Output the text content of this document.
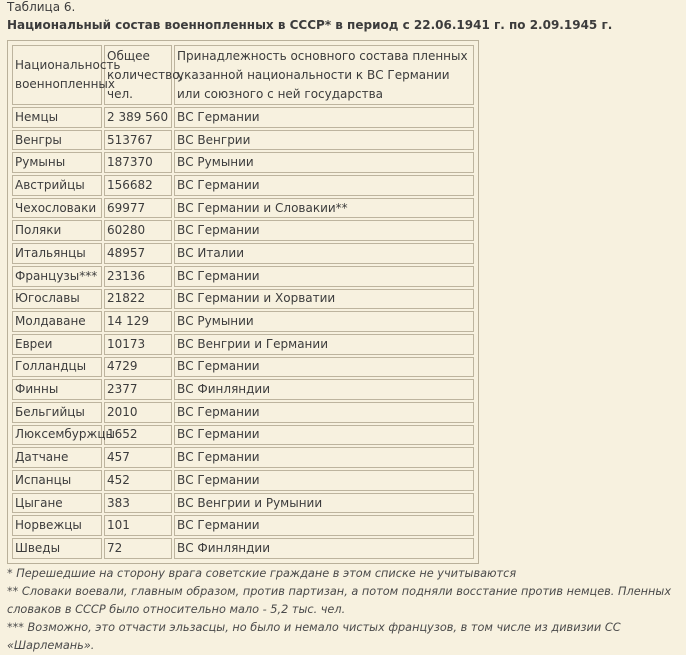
Таблица 6.
Национальный состав военнопленных в СССР* в период с 22.06.1941 г. по 2.09.1945 г.
Национальность военнопленных	Общее количество, чел.	Принадлежность основного состава пленных указанной национальности к ВС Германии или союзного с ней государства
Немцы	2 389 560	ВС Германии
Венгры	513767	ВС Венгрии
Румыны	187370	ВС Румынии
Австрийцы	156682	ВС Германии
Чехословаки	69977	ВС Германии и Словакии**
Поляки	60280	ВС Германии
Итальянцы	48957	ВС Италии
Французы***	23136	ВС Германии
Югославы	21822	ВС Германии и Хорватии
Молдаване	14 129	ВС Румынии
Евреи	10173	ВС Венгрии и Германии
Голландцы	4729	ВС Германии
Финны	2377	ВС Финляндии
Бельгийцы	2010	ВС Германии
Люксембуржцы	1652	ВС Германии
Датчане	457	ВС Германии
Испанцы	452	ВС Германии
Цыгане	383	ВС Венгрии и Румынии
Норвежцы	101	ВС Германии
Шведы	72	ВС Финляндии

* Перешедшие на сторону врага советские граждане в этом списке не учитываются

** Словаки воевали, главным образом, против партизан, а потом подняли восстание против немцев. Пленных словаков в СССР было относительно мало - 5,2 тыс. чел.

*** Возможно, это отчасти эльзасцы, но было и немало чистых французов, в том числе из дивизии СС «Шарлемань».
